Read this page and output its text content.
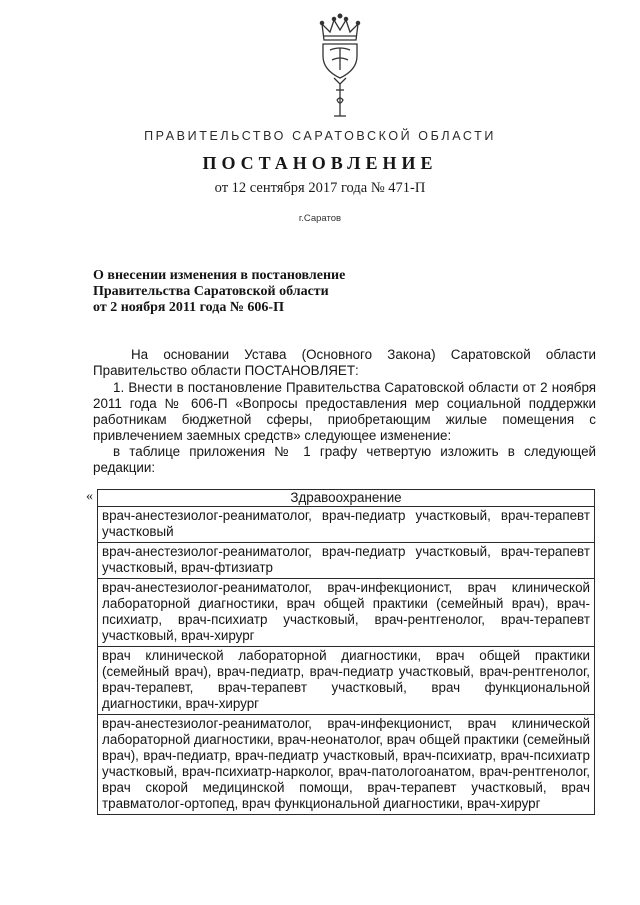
ПРАВИТЕЛЬСТВО САРАТОВСКОЙ ОБЛАСТИ
ПОСТАНОВЛЕНИЕ
от 12 сентября 2017 года № 471-П
г.Саратов
О внесении изменения в постановление
Правительства Саратовской области
от 2 ноября 2011 года № 606-П
На основании Устава (Основного Закона) Саратовской области Правительство области ПОСТАНОВЛЯЕТ:
1. Внести в постановление Правительства Саратовской области от 2 ноября 2011 года № 606-П «Вопросы предоставления мер социальной поддержки работникам бюджетной сферы, приобретающим жилые помещения с привлечением заемных средств» следующее изменение:
в таблице приложения № 1 графу четвертую изложить в следующей редакции:
«	Здравоохранение
врач-анестезиолог-реаниматолог, врач-педиатр участковый, врач-терапевт участковый
врач-анестезиолог-реаниматолог, врач-педиатр участковый, врач-терапевт участковый, врач-фтизиатр
врач-анестезиолог-реаниматолог, врач-инфекционист, врач клинической лабораторной диагностики, врач общей практики (семейный врач), врач-психиатр, врач-психиатр участковый, врач-рентгенолог, врач-терапевт участковый, врач-хирург
врач клинической лабораторной диагностики, врач общей практики (семейный врач), врач-педиатр, врач-педиатр участковый, врач-рентгенолог, врач-терапевт, врач-терапевт участковый, врач функциональной диагностики, врач-хирург
врач-анестезиолог-реаниматолог, врач-инфекционист, врач клинической лабораторной диагностики, врач-неонатолог, врач общей практики (семейный врач), врач-педиатр, врач-педиатр участковый, врач-психиатр, врач-психиатр участковый, врач-психиатр-нарколог, врач-патологоанатом, врач-рентгенолог, врач скорой медицинской помощи, врач-терапевт участковый, врач травматолог-ортопед, врач функциональной диагностики, врач-хирург
